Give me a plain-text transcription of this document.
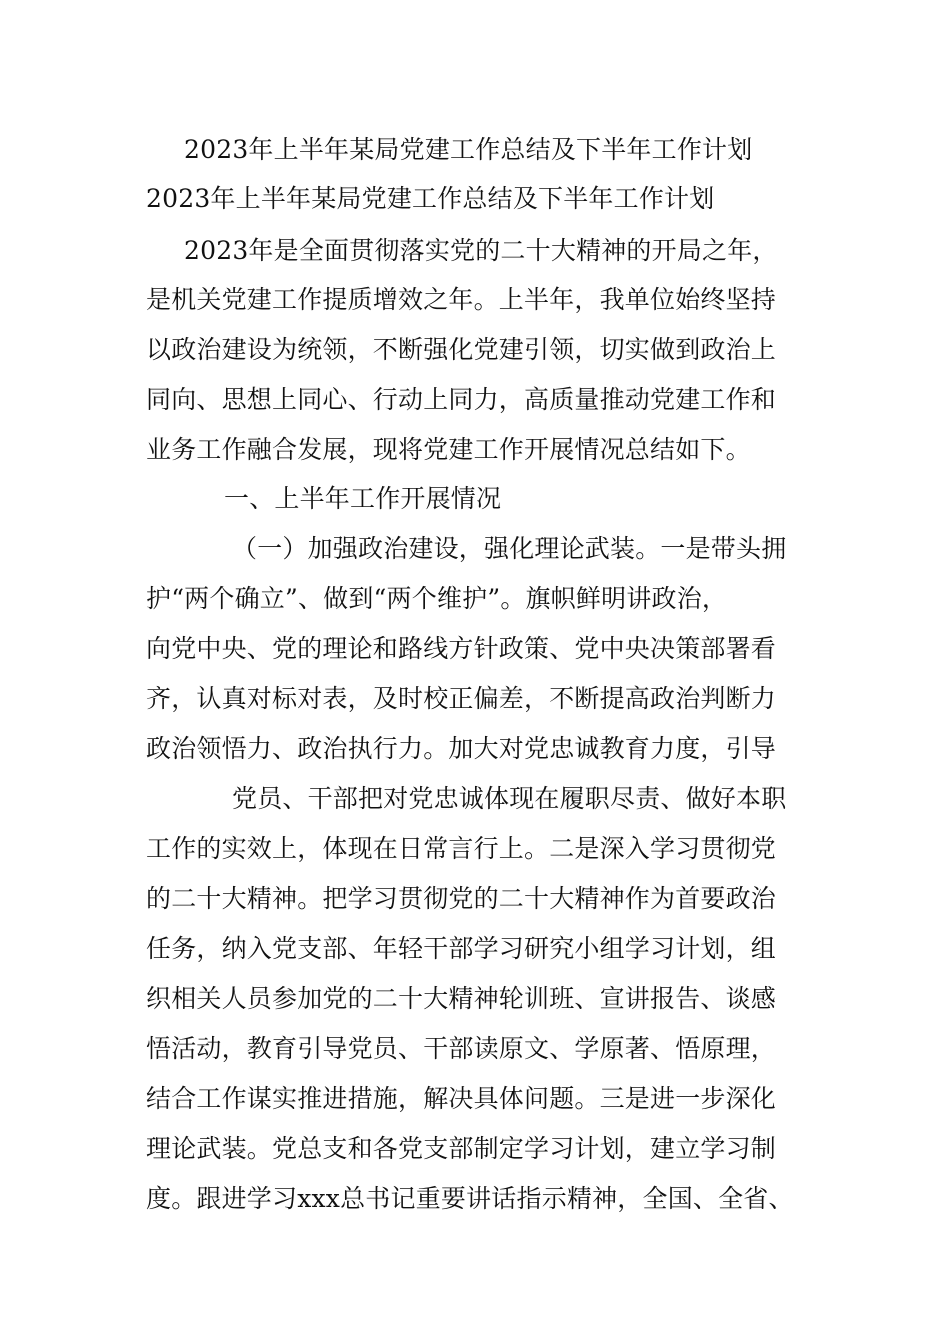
2023年上半年某局党建工作总结及下半年工作计划
2023年上半年某局党建工作总结及下半年工作计划
2023年是全面贯彻落实党的二十大精神的开局之年，
是机关党建工作提质增效之年。上半年，我单位始终坚持
以政治建设为统领，不断强化党建引领，切实做到政治上
同向、思想上同心、行动上同力，高质量推动党建工作和
业务工作融合发展，现将党建工作开展情况总结如下。
一、上半年工作开展情况
（一）加强政治建设，强化理论武装。一是带头拥
护“两个确立”、做到“两个维护”。旗帜鲜明讲政治，
向党中央、党的理论和路线方针政策、党中央决策部署看
齐，认真对标对表，及时校正偏差，不断提高政治判断力
政治领悟力、政治执行力。加大对党忠诚教育力度，引导
党员、干部把对党忠诚体现在履职尽责、做好本职
工作的实效上，体现在日常言行上。二是深入学习贯彻党
的二十大精神。把学习贯彻党的二十大精神作为首要政治
任务，纳入党支部、年轻干部学习研究小组学习计划，组
织相关人员参加党的二十大精神轮训班、宣讲报告、谈感
悟活动，教育引导党员、干部读原文、学原著、悟原理，
结合工作谋实推进措施，解决具体问题。三是进一步深化
理论武装。党总支和各党支部制定学习计划，建立学习制
度。跟进学习xxx总书记重要讲话指示精神，全国、全省、
